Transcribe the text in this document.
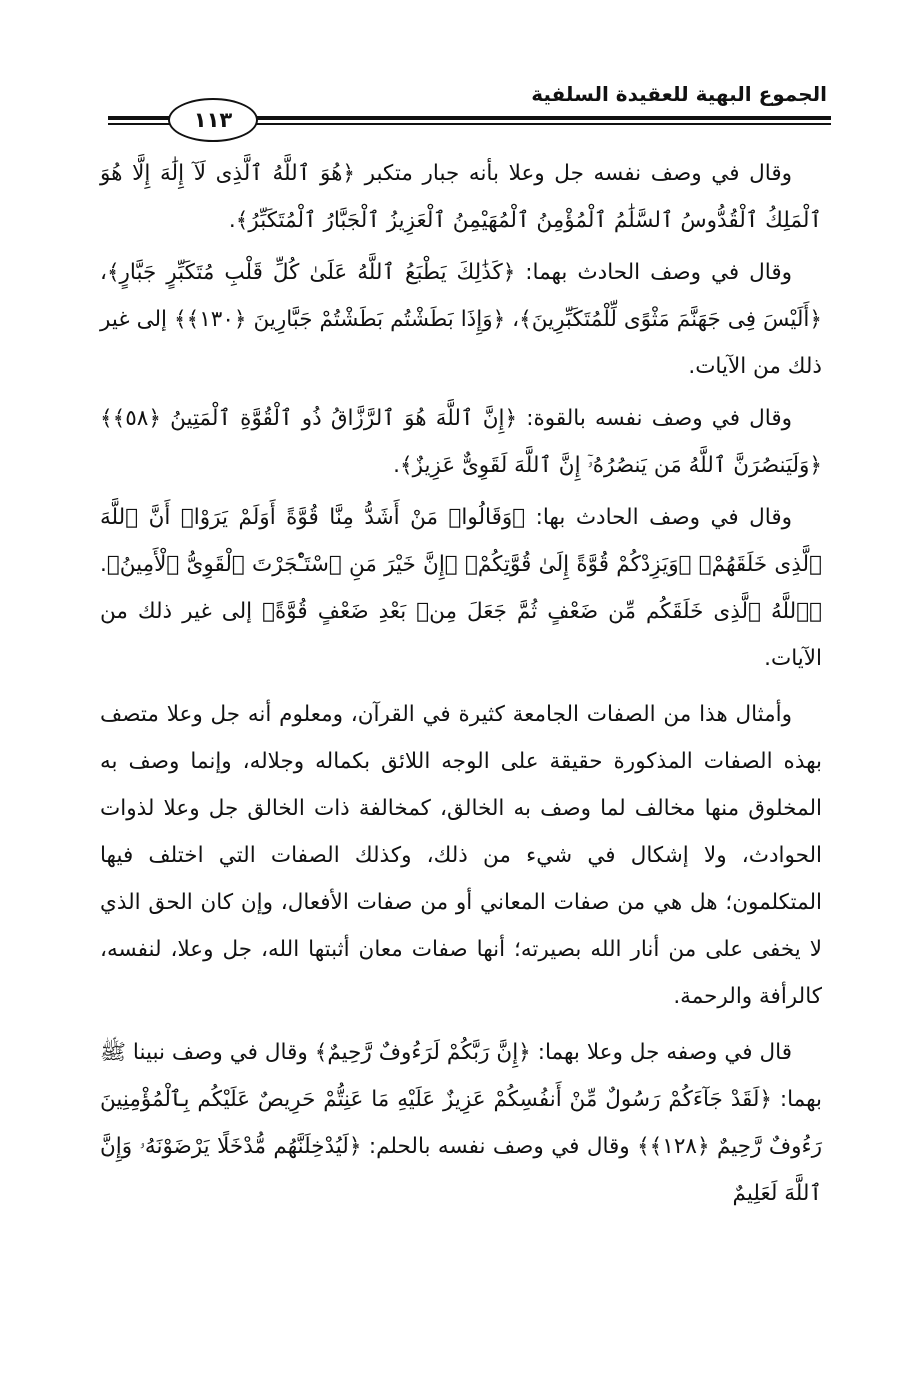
الجموع البهية للعقيدة السلفية
١١٣

وقال في وصف نفسه جل وعلا بأنه جبار متكبر ﴿هُوَ ٱللَّهُ ٱلَّذِى لَآ إِلَٰهَ إِلَّا هُوَ ٱلْمَلِكُ ٱلْقُدُّوسُ ٱلسَّلَٰمُ ٱلْمُؤْمِنُ ٱلْمُهَيْمِنُ ٱلْعَزِيزُ ٱلْجَبَّارُ ٱلْمُتَكَبِّرُ﴾.

وقال في وصف الحادث بهما: ﴿كَذَٰلِكَ يَطْبَعُ ٱللَّهُ عَلَىٰ كُلِّ قَلْبِ مُتَكَبِّرٍ جَبَّارٍ﴾، ﴿أَلَيْسَ فِى جَهَنَّمَ مَثْوًى لِّلْمُتَكَبِّرِينَ﴾، ﴿وَإِذَا بَطَشْتُم بَطَشْتُمْ جَبَّارِينَ ﴿١٣٠﴾﴾ إلى غير ذلك من الآيات.

وقال في وصف نفسه بالقوة: ﴿إِنَّ ٱللَّهَ هُوَ ٱلرَّزَّاقُ ذُو ٱلْقُوَّةِ ٱلْمَتِينُ ﴿٥٨﴾﴾ ﴿وَلَيَنصُرَنَّ ٱللَّهُ مَن يَنصُرُهُۥٓ إِنَّ ٱللَّهَ لَقَوِىٌّ عَزِيزٌ﴾.

وقال في وصف الحادث بها: ﴿وَقَالُوا۟ مَنْ أَشَدُّ مِنَّا قُوَّةً أَوَلَمْ يَرَوْا۟ أَنَّ ٱللَّهَ ٱلَّذِى خَلَقَهُمْ﴾ ﴿وَيَزِدْكُمْ قُوَّةً إِلَىٰ قُوَّتِكُمْ﴾ ﴿إِنَّ خَيْرَ مَنِ ٱسْتَـْٔجَرْتَ ٱلْقَوِىُّ ٱلْأَمِينُ﴾. ﴿ٱللَّهُ ٱلَّذِى خَلَقَكُم مِّن ضَعْفٍ ثُمَّ جَعَلَ مِنۢ بَعْدِ ضَعْفٍ قُوَّةً﴾ إلى غير ذلك من الآيات.

وأمثال هذا من الصفات الجامعة كثيرة في القرآن، ومعلوم أنه جل وعلا متصف بهذه الصفات المذكورة حقيقة على الوجه اللائق بكماله وجلاله، وإنما وصف به المخلوق منها مخالف لما وصف به الخالق، كمخالفة ذات الخالق جل وعلا لذوات الحوادث، ولا إشكال في شيء من ذلك، وكذلك الصفات التي اختلف فيها المتكلمون؛ هل هي من صفات المعاني أو من صفات الأفعال، وإن كان الحق الذي لا يخفى على من أنار الله بصيرته؛ أنها صفات معان أثبتها الله، جل وعلا، لنفسه، كالرأفة والرحمة.

قال في وصفه جل وعلا بهما: ﴿إِنَّ رَبَّكُمْ لَرَءُوفٌ رَّحِيمٌ﴾ وقال في وصف نبينا ﷺ بهما: ﴿لَقَدْ جَآءَكُمْ رَسُولٌ مِّنْ أَنفُسِكُمْ عَزِيزٌ عَلَيْهِ مَا عَنِتُّمْ حَرِيصٌ عَلَيْكُم بِٱلْمُؤْمِنِينَ رَءُوفٌ رَّحِيمٌ ﴿١٢٨﴾﴾ وقال في وصف نفسه بالحلم: ﴿لَيُدْخِلَنَّهُم مُّدْخَلًا يَرْضَوْنَهُۥ وَإِنَّ ٱللَّهَ لَعَلِيمٌ
